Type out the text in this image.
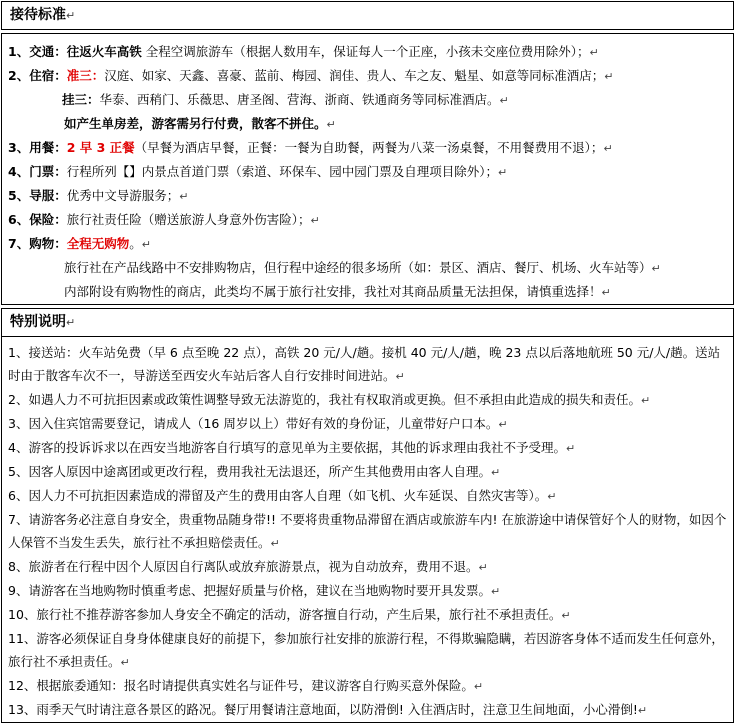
接待标准↵

1、交通：往返火车高铁 全程空调旅游车（根据人数用车，保证每人一个正座，小孩未交座位费用除外）；↵
2、住宿：准三：汉庭、如家、天鑫、喜豪、蓝前、梅园、润佳、贵人、车之友、魁星、如意等同标准酒店；↵
挂三：华泰、西稍门、乐薇思、唐圣阁、营海、浙商、铁通商务等同标准酒店。↵
如产生单房差，游客需另行付费，散客不拼住。↵
3、用餐：2 早 3 正餐（早餐为酒店早餐，正餐：一餐为自助餐，两餐为八菜一汤桌餐，不用餐费用不退）；↵
4、门票：行程所列【】内景点首道门票（索道、环保车、园中园门票及自理项目除外）；↵
5、导服：优秀中文导游服务；↵
6、保险：旅行社责任险（赠送旅游人身意外伤害险）；↵
7、购物：全程无购物。↵
旅行社在产品线路中不安排购物店，但行程中途经的很多场所（如：景区、酒店、餐厅、机场、火车站等）↵
内部附设有购物性的商店，此类均不属于旅行社安排，我社对其商品质量无法担保，请慎重选择！↵

特别说明↵

1、接送站：火车站免费（早 6 点至晚 22 点），高铁 20 元/人/趟。接机 40 元/人/趟，晚 23 点以后落地航班 50 元/人/趟。送站时由于散客车次不一，导游送至西安火车站后客人自行安排时间进站。↵
2、如遇人力不可抗拒因素或政策性调整导致无法游览的，我社有权取消或更换。但不承担由此造成的损失和责任。↵
3、因入住宾馆需要登记，请成人（16 周岁以上）带好有效的身份证，儿童带好户口本。↵
4、游客的投诉诉求以在西安当地游客自行填写的意见单为主要依据，其他的诉求理由我社不予受理。↵
5、因客人原因中途离团或更改行程，费用我社无法退还，所产生其他费用由客人自理。↵
6、因人力不可抗拒因素造成的滞留及产生的费用由客人自理（如飞机、火车延误、自然灾害等）。↵
7、请游客务必注意自身安全，贵重物品随身带!! 不要将贵重物品滞留在酒店或旅游车内! 在旅游途中请保管好个人的财物，如因个人保管不当发生丢失，旅行社不承担赔偿责任。↵
8、旅游者在行程中因个人原因自行离队或放弃旅游景点，视为自动放弃，费用不退。↵
9、请游客在当地购物时慎重考虑、把握好质量与价格，建议在当地购物时要开具发票。↵
10、旅行社不推荐游客参加人身安全不确定的活动，游客擅自行动，产生后果，旅行社不承担责任。↵
11、游客必须保证自身身体健康良好的前提下，参加旅行社安排的旅游行程，不得欺骗隐瞒，若因游客身体不适而发生任何意外，旅行社不承担责任。↵
12、根据旅委通知：报名时请提供真实姓名与证件号，建议游客自行购买意外保险。↵
13、雨季天气时请注意各景区的路况。餐厅用餐请注意地面，以防滑倒! 入住酒店时，注意卫生间地面，小心滑倒!↵
